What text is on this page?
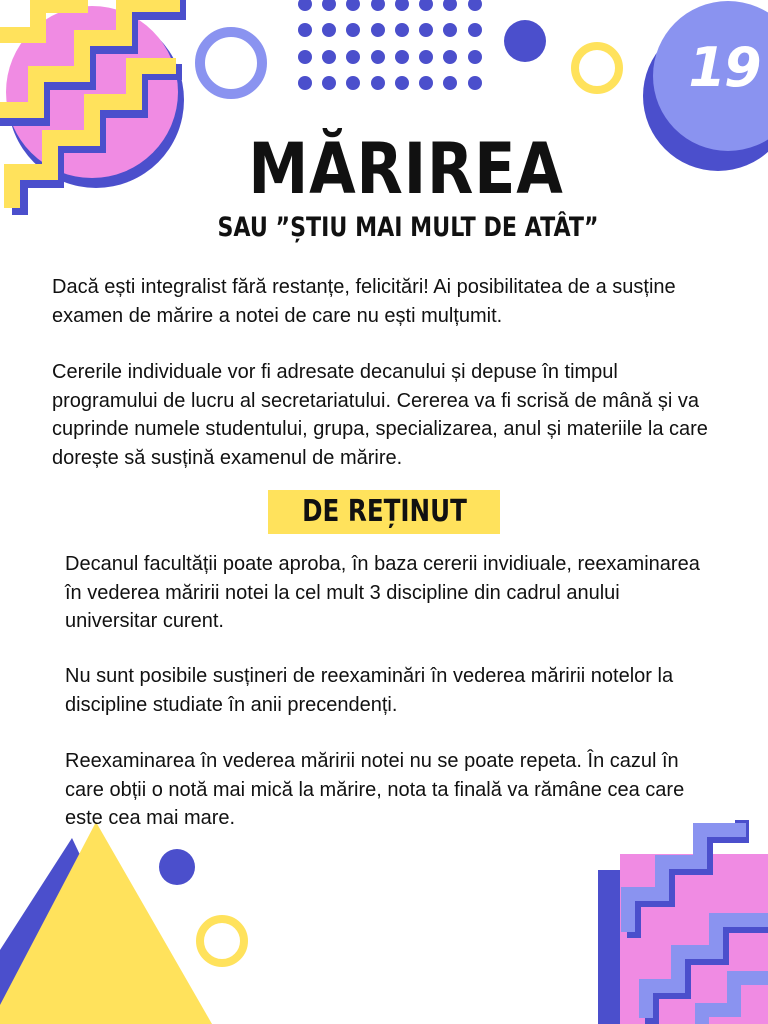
19
MĂRIREA
SAU ”ȘTIU MAI MULT DE ATÂT”

Dacă ești integralist fără restanțe, felicitări! Ai posibilitatea de a susține examen de mărire a notei de care nu ești mulțumit.

Cererile individuale vor fi adresate decanului și depuse în timpul programului de lucru al secretariatului. Cererea va fi scrisă de mână și va cuprinde numele studentului, grupa, specializarea, anul și materiile la care dorește să susțină examenul de mărire.

DE REȚINUT

Decanul facultății poate aproba, în baza cererii invidiuale, reexaminarea în vederea măririi notei la cel mult 3 discipline din cadrul anului universitar curent.

Nu sunt posibile susțineri de reexaminări în vederea măririi notelor la discipline studiate în anii precendenți.

Reexaminarea în vederea măririi notei nu se poate repeta. În cazul în care obții o notă mai mică la mărire, nota ta finală va rămâne cea care este cea mai mare.
